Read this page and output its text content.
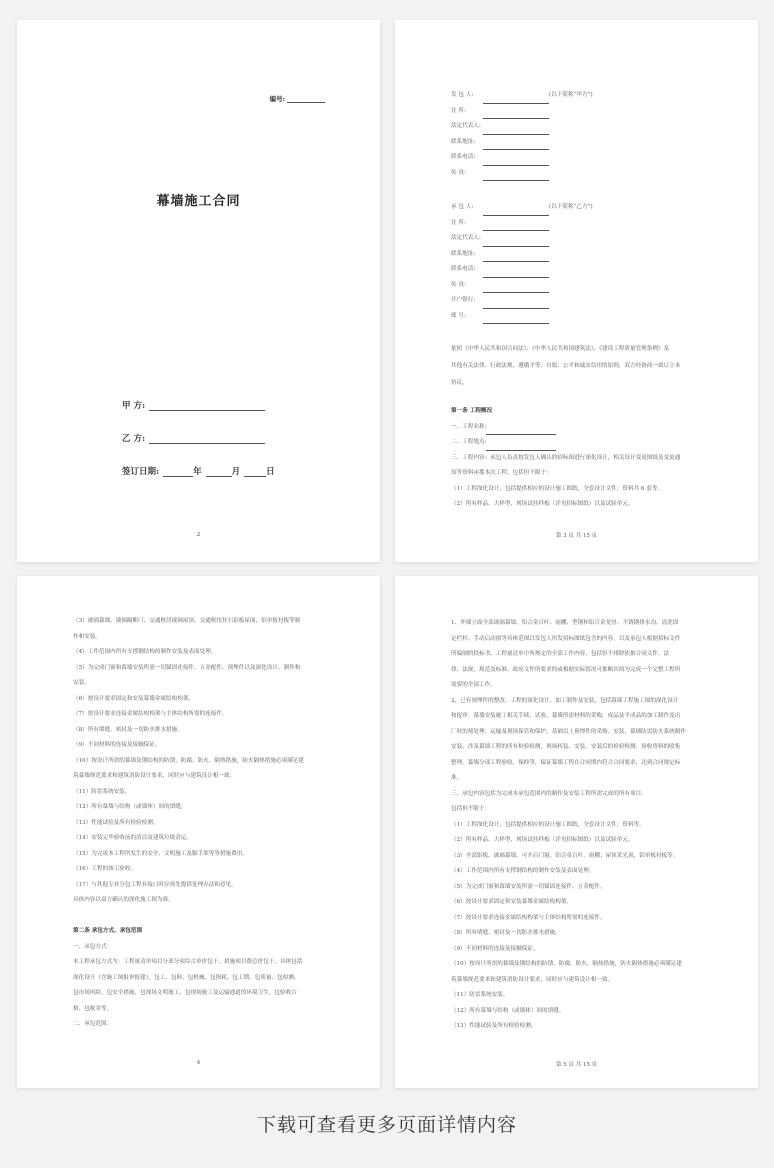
编号:
幕墙施工合同
甲 方:
乙 方:
签订日期:	年	月	日
2
发 包 人:	(以下简称“甲方”)
住 所:
法定代表人:
联系地址:
联系电话:
传 真:
承 包 人:	(以下简称“乙方”)
住 所:
法定代表人:
联系地址:
联系电话:
传 真:
开户银行:
账 号:
依照《中华人民共和国合同法》、《中华人民共和国建筑法》、《建设工程质量管理条例》及
其他有关法律、行政法规，遵循平等、自愿、公平和诚实信用的原则，双方经协商一致订立本
协议。
第一条 工程概况
一、工程名称:
二、工程地点:
三、工程内容：承包人负责按发包人确认的招标图进行深化设计，相关设计变更图纸及变更通
知等资料承揽本次工程，包括但不限于：
（1）工程深化设计，包括提供相应的设计施工图纸，全套设计文件，资料共 6 套等。
（2）所有样品、大样型、现场试挂样板（详见招标图纸）以及试验单元。
第 3 页 共 15 页
（3）玻璃幕墙、玻璃隔断门、交通枢纽玻璃屋顶、交通枢纽挂石铝板屋面、铝单板衬板等制
作和安装。
（4）工作范围内所有支撑钢结构的制作安装及表面处理。
（5）为完成门窗和幕墙安装所需一切锚固连接件、五金配件、预埋件以及深化设计、制作和
安装。
（6）按设计要求固定和安装幕墙金属结构构架。
（7）按设计要求连接金属结构构架与主体结构所需的连接件。
（8）所有堵缝、密封及一切防水排水措施。
（9）不同材料的连接及接触保证。
（10）按设计所需的幕墙及钢结构的防锈、防腐、防火、隔热措施，防火隔热措施必须满足建
筑幕墙规范要求和建筑消防设计要求，同时应与建筑设计相一致。
（11）防雷系统安装。
（12）所有幕墙与结构（或墙体）间的填缝。
（13）性能试验及所有检验检测。
（14）安装完毕验收前的清洁及建筑垃圾清运。
（15）为完成本工程所发生的安全、文明施工及脚手架等等措施费用。
（16）工程的竣工验收。
（17）与其他专业分包工程有接口时应预先提供处理办法和意见。
具体内容以双方确认的深化施工图为准。
第二条 承包方式、承包范围
一、承包方式：
本工程承包方式为：工程量清单项目分部分项综合单价包干、措施项目费总价包干，具体包括
深化设计（含施工图报审报建）、包工、包料、包机械、包损耗、包工期、包质量、包检测、
包市场风险、包安全措施、包现场文明施工、包现场施工及运输通道的环境卫生、包验收合
格、包税金等。
二、承包范围：
4
1、外墙立面全部玻璃幕墙、铝合金百叶、雨棚、型钢和铝合金龙骨、不锈钢排水沟、清洗固
定栏杆、手动启动窗等具体范围以发包人所发招标图纸包含的内容，以及承包人根据招标文件
所编制的投标书、工程量清单中所规定的全部工作内容，包括但不排除依据合同文件、法
律、法规、规范及标准、政府文件所要求的或根据实际情况可推断出的为完成一个完整工程所
需要的全部工作。
2、已有预埋件的整改、工程的深化设计、加工制作及安装，包括幕墙工程施工图的深化设计
和报审、幕墙安装施工相关手续、试验、幕墙所需材料的采购，成品及半成品的加工制作及出
厂时的预处理、运输及现场保管和保护，基础以上预埋件的采购、安装，幕墙防雷防火系统制作
安装、涉及幕墙工程的所有检验检测，现场转装、安装、安装后的检验检测、验收资料的收集
整理、幕墙分部工程验收、保修等，保证幕墙工程在合同期内符合合同要求，达到合同规定标
准。
三、承包内容包括为完成本承包范围内的制作及安装工程所需完成的所有项目。
包括但不限于：
（1）工程深化设计，包括提供相应的设计施工图纸，全套设计文件，资料等。
（2）所有样品、大样型、现场试挂样板（详见招标图纸）以及试验单元。
（3）全部铝板、玻璃幕墙，可开启门窗，铝合金百叶，雨棚；屋顶采光顶、铝单板衬板等。
（4）工作范围内所有支撑钢结构的制作安装及表面处理。
（5）为完成门窗和幕墙安装所需一切锚固连接件、五金配件。
（6）按设计要求固定和安装幕墙金属结构构架。
（7）按设计要求连接金属结构构架与主体结构所需的连接件。
（8）所有堵缝、密封及一切防水排水措施。
（9）不同材料的连接及接触保证。
（10）按设计所需的幕墙及钢结构的防锈、防腐、防火、隔热措施，防火隔热措施必须满足建
筑幕墙规范要求和建筑消防设计要求，同时应与建筑设计相一致。
（11）防雷系统安装。
（12）所有幕墙与结构（或墙体）间的填缝。
（13）性能试验及所有检验检测。
第 5 页 共 15 页
下载可查看更多页面详情内容
